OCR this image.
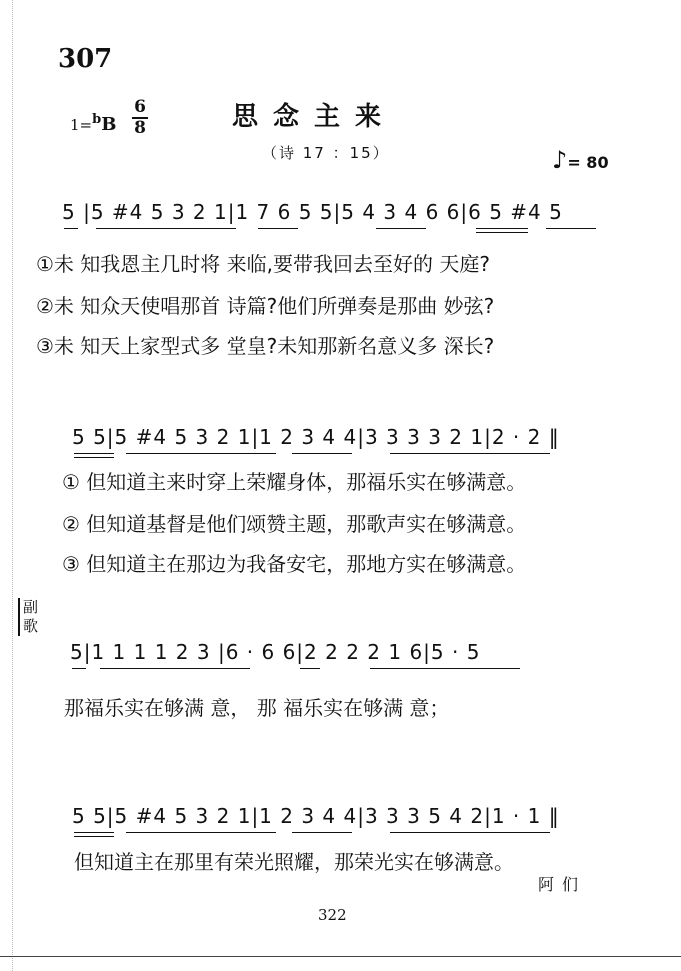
307
1=$^b$B
6
8	思念主来
（诗 17 ：15）	♪= 80
5 |5 #4 5 3 2 1|1 7 6 5 5|5 4 3 4 6 6|6 5 #4 5
①未 知我恩主几时将 来临,要带我回去至好的 天庭?
②未 知众天使唱那首 诗篇?他们所弹奏是那曲 妙弦?
③未 知天上家型式多 堂皇?未知那新名意义多 深长?
5 5|5 #4 5 3 2 1|1 2 3 4 4|3 3 3 3 2 1|2 · 2 ‖
① 但知道主来时穿上荣耀身体，那福乐实在够满意。
② 但知道基督是他们颂赞主题，那歌声实在够满意。
③ 但知道主在那边为我备安宅，那地方实在够满意。
副歌
5|1 1 1 1 2 3 |6 · 6 6|2 2 2 2 1 6|5 · 5
那福乐实在够满 意， 那 福乐实在够满 意；
5 5|5 #4 5 3 2 1|1 2 3 4 4|3 3 3 5 4 2|1 · 1 ‖
但知道主在那里有荣光照耀，那荣光实在够满意。
阿们
322
